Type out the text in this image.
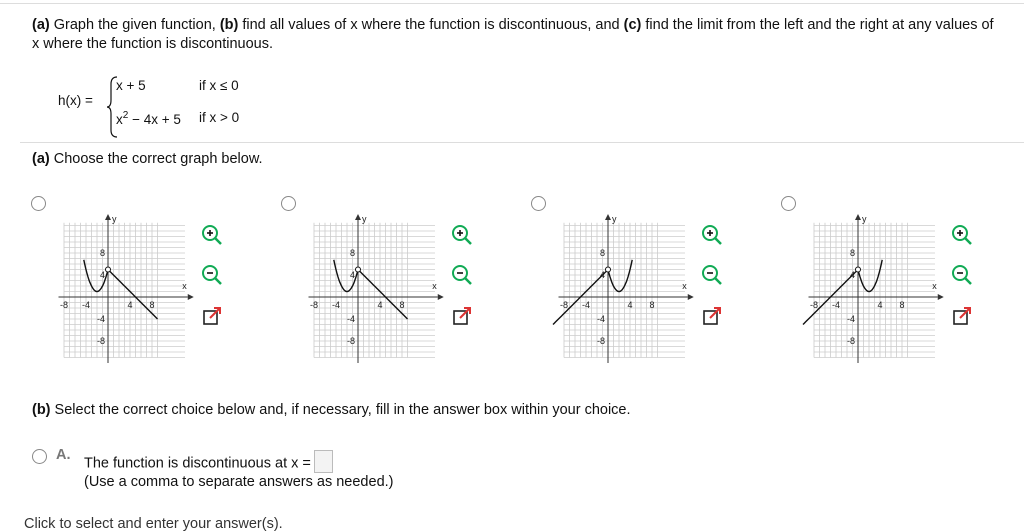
(a) Graph the given function, (b) find all values of x where the function is discontinuous, and (c) find the limit from the left and the right at any values of x where the function is discontinuous.
h(x) =
x + 5	if x ≤ 0
$x^2 - 4x + 5$ if x > 0
(a) Choose the correct graph below.
-8 -4	4 8
8
4
-4
-8
y
x
-8 -4	4 8
8
4
-4
-8
y
x
-8 -4	4 8
8
4
-4
-8
y
x
-8 -4	4 8
8
4
-4
-8
y
x
(b) Select the correct choice below and, if necessary, fill in the answer box within your choice.
A.
The function is discontinuous at x =
(Use a comma to separate answers as needed.)
Click to select and enter your answer(s).
